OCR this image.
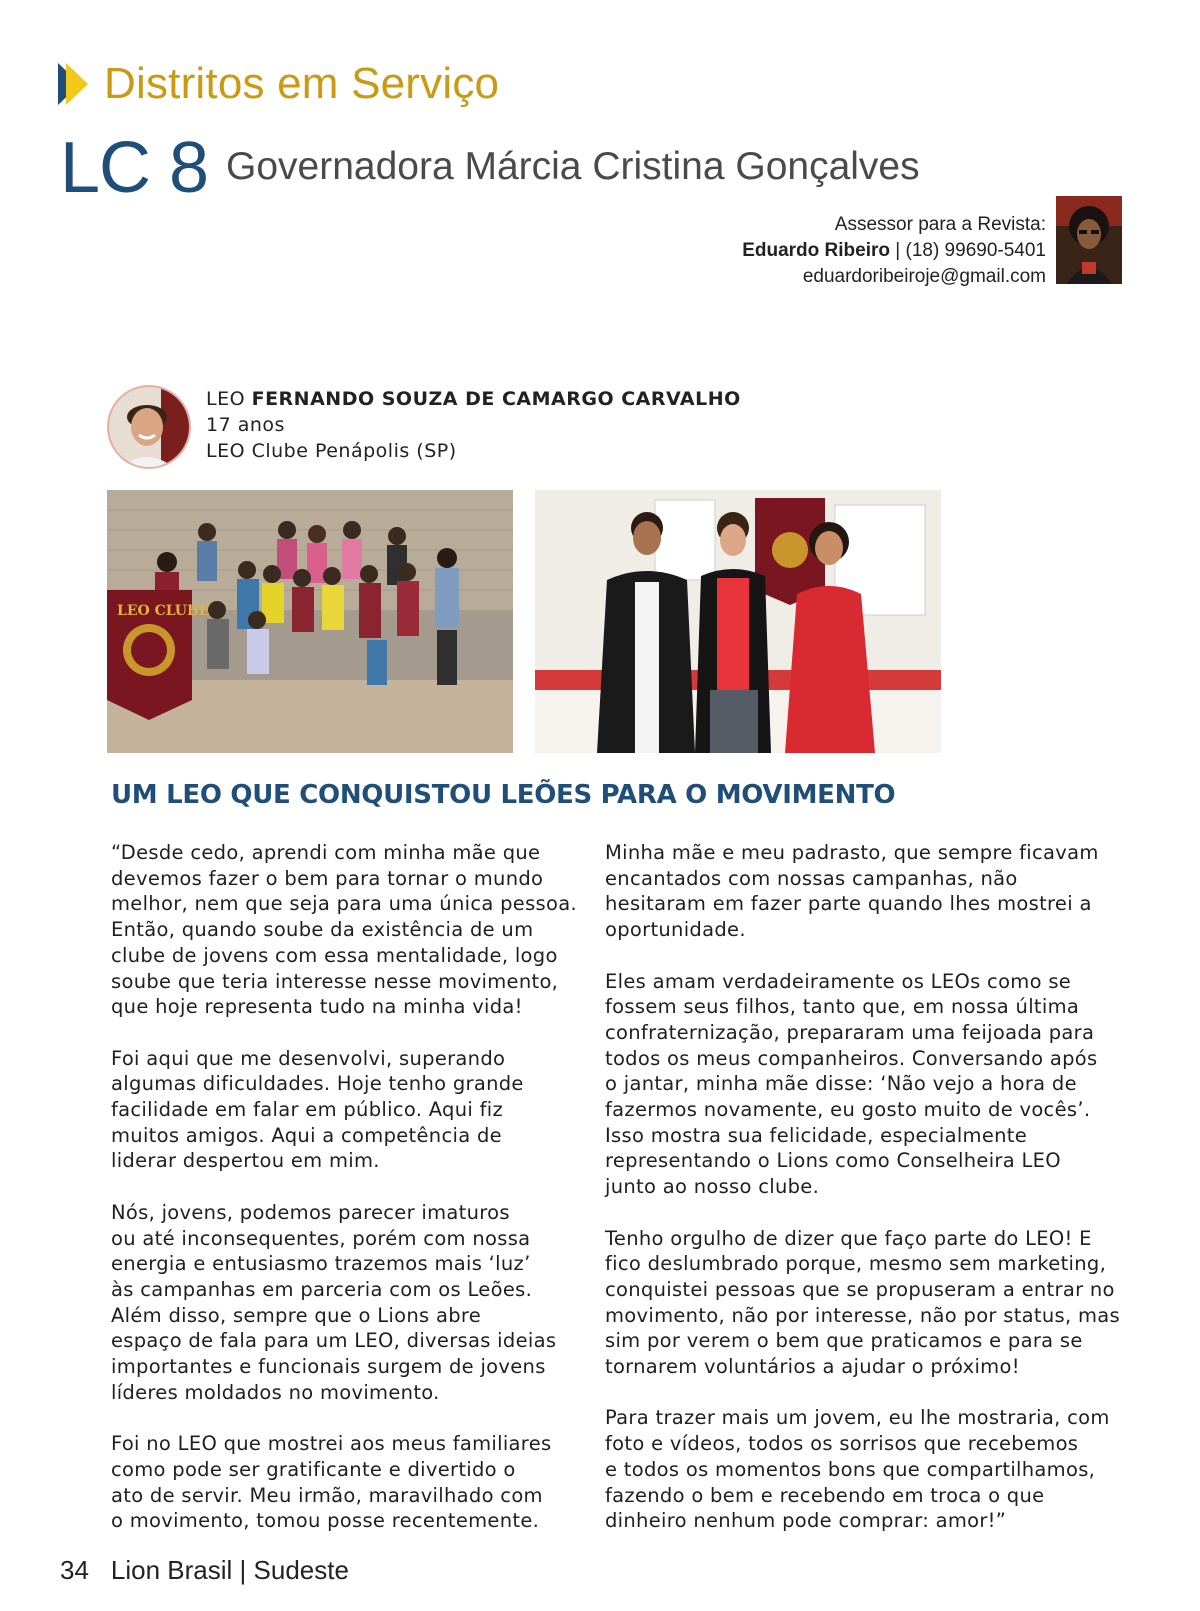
Distritos em Serviço
LC 8 Governadora Márcia Cristina Gonçalves
Assessor para a Revista:
Eduardo Ribeiro | (18) 99690-5401
eduardoribeiroje@gmail.com
LEO FERNANDO SOUZA DE CAMARGO CARVALHO
17 anos
LEO Clube Penápolis (SP)
LEO CLUBE
UM LEO QUE CONQUISTOU LEÕES PARA O MOVIMENTO

“Desde cedo, aprendi com minha mãe que
devemos fazer o bem para tornar o mundo
melhor, nem que seja para uma única pessoa.
Então, quando soube da existência de um
clube de jovens com essa mentalidade, logo
soube que teria interesse nesse movimento,
que hoje representa tudo na minha vida!

Foi aqui que me desenvolvi, superando
algumas dificuldades. Hoje tenho grande
facilidade em falar em público. Aqui fiz
muitos amigos. Aqui a competência de
liderar despertou em mim.

Nós, jovens, podemos parecer imaturos
ou até inconsequentes, porém com nossa
energia e entusiasmo trazemos mais ‘luz’
às campanhas em parceria com os Leões.
Além disso, sempre que o Lions abre
espaço de fala para um LEO, diversas ideias
importantes e funcionais surgem de jovens
líderes moldados no movimento.

Foi no LEO que mostrei aos meus familiares
como pode ser gratificante e divertido o
ato de servir. Meu irmão, maravilhado com
o movimento, tomou posse recentemente.

Minha mãe e meu padrasto, que sempre ficavam
encantados com nossas campanhas, não
hesitaram em fazer parte quando lhes mostrei a
oportunidade.

Eles amam verdadeiramente os LEOs como se
fossem seus filhos, tanto que, em nossa última
confraternização, prepararam uma feijoada para
todos os meus companheiros. Conversando após
o jantar, minha mãe disse: ‘Não vejo a hora de
fazermos novamente, eu gosto muito de vocês’.
Isso mostra sua felicidade, especialmente
representando o Lions como Conselheira LEO
junto ao nosso clube.

Tenho orgulho de dizer que faço parte do LEO! E
fico deslumbrado porque, mesmo sem marketing,
conquistei pessoas que se propuseram a entrar no
movimento, não por interesse, não por status, mas
sim por verem o bem que praticamos e para se
tornarem voluntários a ajudar o próximo!

Para trazer mais um jovem, eu lhe mostraria, com
foto e vídeos, todos os sorrisos que recebemos
e todos os momentos bons que compartilhamos,
fazendo o bem e recebendo em troca o que
dinheiro nenhum pode comprar: amor!”

34 Lion Brasil | Sudeste
